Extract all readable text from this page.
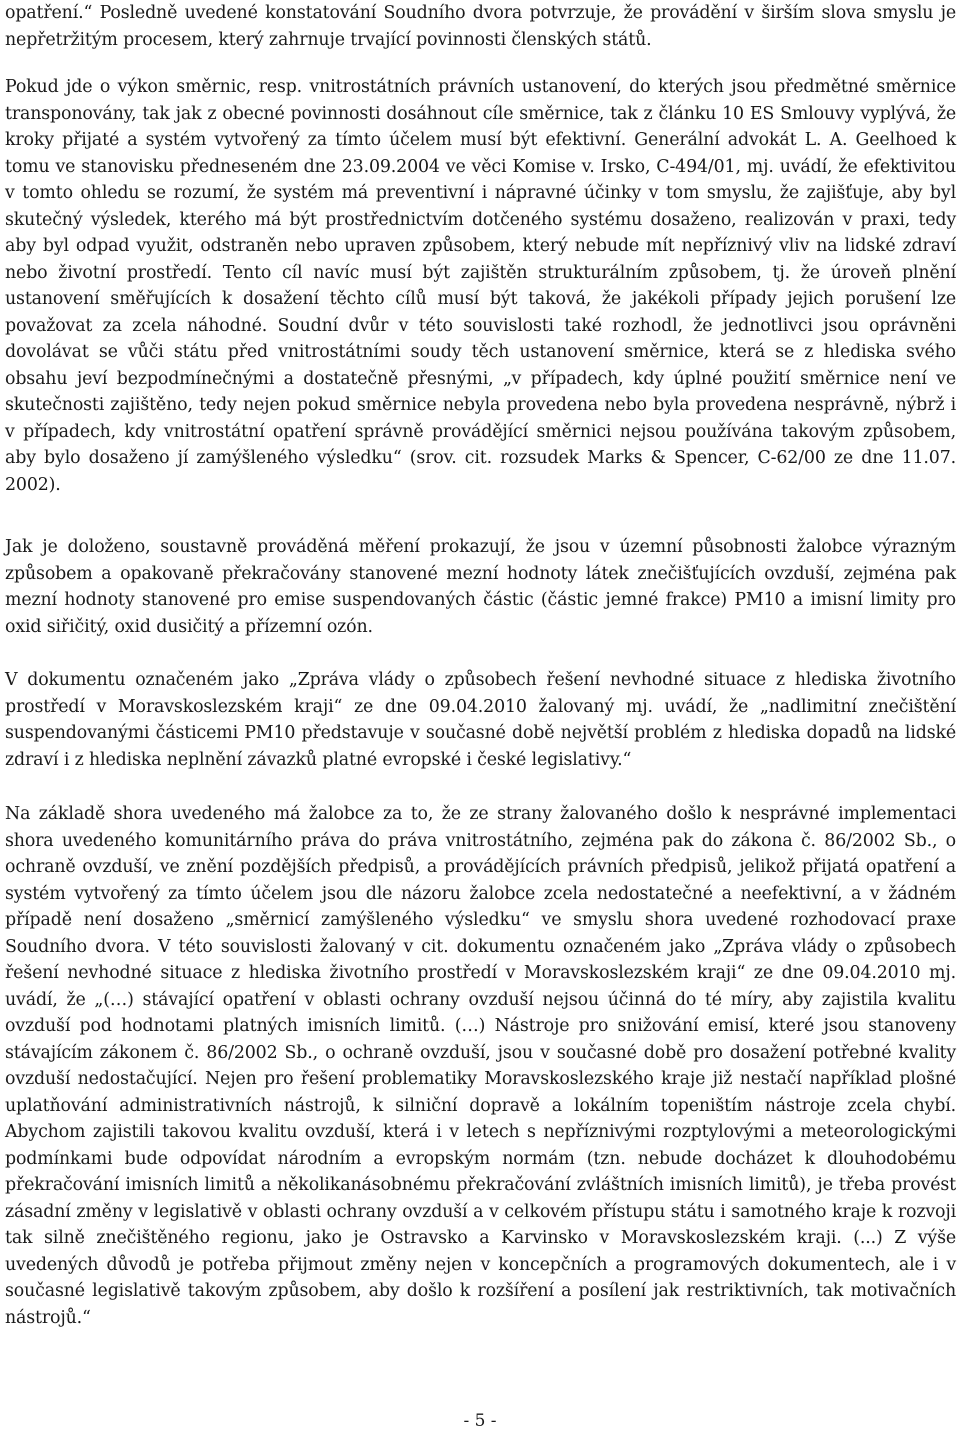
opatření.“ Posledně uvedené konstatování Soudního dvora potvrzuje, že provádění v širším slova smyslu je nepřetržitým procesem, který zahrnuje trvající povinnosti členských států.

Pokud jde o výkon směrnic, resp. vnitrostátních právních ustanovení, do kterých jsou předmětné směrnice transponovány, tak jak z obecné povinnosti dosáhnout cíle směrnice, tak z článku 10 ES Smlouvy vyplývá, že kroky přijaté a systém vytvořený za tímto účelem musí být efektivní. Generální advokát L. A. Geelhoed k tomu ve stanovisku předneseném dne 23.09.2004 ve věci Komise v. Irsko, C-494/01, mj. uvádí, že efektivitou v tomto ohledu se rozumí, že systém má preventivní i nápravné účinky v tom smyslu, že zajišťuje, aby byl skutečný výsledek, kterého má být prostřednictvím dotčeného systému dosaženo, realizován v praxi, tedy aby byl odpad využit, odstraněn nebo upraven způsobem, který nebude mít nepříznivý vliv na lidské zdraví nebo životní prostředí. Tento cíl navíc musí být zajištěn strukturálním způsobem, tj. že úroveň plnění ustanovení směřujících k dosažení těchto cílů musí být taková, že jakékoli případy jejich porušení lze považovat za zcela náhodné. Soudní dvůr v této souvislosti také rozhodl, že jednotlivci jsou oprávněni dovolávat se vůči státu před vnitrostátními soudy těch ustanovení směrnice, která se z hlediska svého obsahu jeví bezpodmínečnými a dostatečně přesnými, „v případech, kdy úplné použití směrnice není ve skutečnosti zajištěno, tedy nejen pokud směrnice nebyla provedena nebo byla provedena nesprávně, nýbrž i v případech, kdy vnitrostátní opatření správně provádějící směrnici nejsou používána takovým způsobem, aby bylo dosaženo jí zamýšleného výsledku“ (srov. cit. rozsudek Marks & Spencer, C-62/00 ze dne 11.07. 2002).

Jak je doloženo, soustavně prováděná měření prokazují, že jsou v územní působnosti žalobce výrazným způsobem a opakovaně překračovány stanovené mezní hodnoty látek znečišťujících ovzduší, zejména pak mezní hodnoty stanovené pro emise suspendovaných částic (částic jemné frakce) PM10 a imisní limity pro oxid siřičitý, oxid dusičitý a přízemní ozón.

V dokumentu označeném jako „Zpráva vlády o způsobech řešení nevhodné situace z hlediska životního prostředí v Moravskoslezském kraji“ ze dne 09.04.2010 žalovaný mj. uvádí, že „nadlimitní znečištění suspendovanými částicemi PM10 představuje v současné době největší problém z hlediska dopadů na lidské zdraví i z hlediska neplnění závazků platné evropské i české legislativy.“

Na základě shora uvedeného má žalobce za to, že ze strany žalovaného došlo k nesprávné implementaci shora uvedeného komunitárního práva do práva vnitrostátního, zejména pak do zákona č. 86/2002 Sb., o ochraně ovzduší, ve znění pozdějších předpisů, a provádějících právních předpisů, jelikož přijatá opatření a systém vytvořený za tímto účelem jsou dle názoru žalobce zcela nedostatečné a neefektivní, a v žádném případě není dosaženo „směrnicí zamýšleného výsledku“ ve smyslu shora uvedené rozhodovací praxe Soudního dvora. V této souvislosti žalovaný v cit. dokumentu označeném jako „Zpráva vlády o způsobech řešení nevhodné situace z hlediska životního prostředí v Moravskoslezském kraji“ ze dne 09.04.2010 mj. uvádí, že „(…) stávající opatření v oblasti ochrany ovzduší nejsou účinná do té míry, aby zajistila kvalitu ovzduší pod hodnotami platných imisních limitů. (…) Nástroje pro snižování emisí, které jsou stanoveny stávajícím zákonem č. 86/2002 Sb., o ochraně ovzduší, jsou v současné době pro dosažení potřebné kvality ovzduší nedostačující. Nejen pro řešení problematiky Moravskoslezského kraje již nestačí například plošné uplatňování administrativních nástrojů, k silniční dopravě a lokálním topeništím nástroje zcela chybí. Abychom zajistili takovou kvalitu ovzduší, která i v letech s nepříznivými rozptylovými a meteorologickými podmínkami bude odpovídat národním a evropským normám (tzn. nebude docházet k dlouhodobému překračování imisních limitů a několikanásobnému překračování zvláštních imisních limitů), je třeba provést zásadní změny v legislativě v oblasti ochrany ovzduší a v celkovém přístupu státu i samotného kraje k rozvoji tak silně znečištěného regionu, jako je Ostravsko a Karvinsko v Moravskoslezském kraji. (...) Z výše uvedených důvodů je potřeba přijmout změny nejen v koncepčních a programových dokumentech, ale i v současné legislativě takovým způsobem, aby došlo k rozšíření a posílení jak restriktivních, tak motivačních nástrojů.“

- 5 -
